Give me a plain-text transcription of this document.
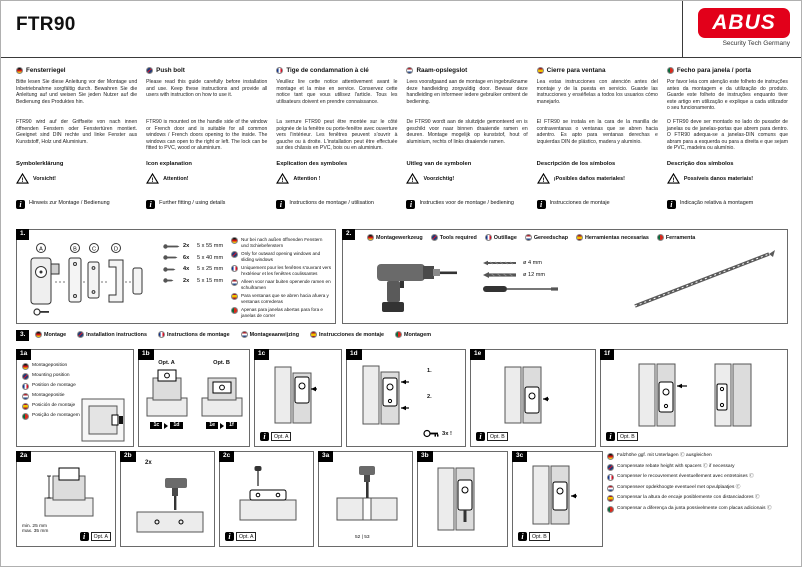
FTR90	ABUS
Security Tech Germany
Fensterriegel
Bitte lesen Sie diese Anleitung vor der Montage und Inbetriebnahme sorgfältig durch. Bewahren Sie die Anleitung auf und weisen Sie jeden Nutzer auf die Bedienung des Produktes hin.
FTR90 wird auf der Griffseite von nach innen öffnenden Fenstern oder Fenstertüren montiert. Geeignet sind DIN rechte und linke Fenster aus Kunststoff, Holz und Aluminium.
Symbolerklärung
! Vorsicht!
i	Hinweis zur Montage / Bedienung
Push bolt
Please read this guide carefully before installation and use. Keep these instructions and provide all users with instruction on how to use it.
FTR90 is mounted on the handle side of the window or French door and is suitable for all common windows / French doors opening to the inside. The windows can open to the right or left. The lock can be fitted to PVC, wood or aluminium.
Icon explanation
! Attention!
i	Further fitting / using details
Tige de condamnation à clé
Veuillez lire cette notice attentivement avant le montage et la mise en service. Conservez cette notice tant que vous utilisez l'article. Tous les utilisateurs doivent en prendre connaissance.
La serrure FTR90 peut être montée sur le côté poignée de la fenêtre ou porte-fenêtre avec ouverture vers l'intérieur. Les fenêtres peuvent s'ouvrir à gauche ou à droite. L'installation peut être effectuée sur des châssis en PVC, bois ou en aluminium.
Explication des symboles
! Attention !
i	Instructions de montage / utilisation
Raam-opslegslot
Lees voorafgaand aan de montage en ingebruikname deze handleiding zorgvuldig door. Bewaar deze handleiding en informeer iedere gebruiker omtrent de bediening.
De FTR90 wordt aan de sluitzijde gemonteerd en is geschikt voor naar binnen draaiende ramen en deuren. Montage mogelijk op kunststof, hout of aluminium, rechts of links draaiende ramen.
Uitleg van de symbolen
! Voorzichtig!
i	Instructies voor de montage / bediening
Cierre para ventana
Lea estas instrucciones con atención antes del montaje y de la puesta en servicio. Guarde las instrucciones y enséñelas a todos los usuarios cómo manejarlo.
El FTR90 se instala en la cara de la manilla de contraventanas o ventanas que se abren hacia adentro. Es apto para ventanas derechas e izquierdas DIN de plástico, madera y aluminio.
Descripción de los símbolos
! ¡Posibles daños materiales!
i	Instrucciones de montaje
Fecho para janela / porta
Por favor leia com atenção este folheto de instruções antes da montagem e da utilização do produto. Guarde este folheto de instruções enquanto tiver este artigo em utilização e explique a cada utilizador o seu funcionamento.
O FTR90 deve ser montado no lado do puxador de janelas ou de janelas-portas que abrem para dentro. O FTR90 adequa-se a janelas-DIN comuns que abram para a esquerda ou para a direita e que sejam de PVC, madeira ou alumínio.
Descrição dos símbolos
! Possíveis danos materiais!
i	Indicação relativa à montagem
1.
A	B	C	D
2x	5 x 55 mm
6x	5 x 40 mm
4x	5 x 25 mm
2x	5 x 15 mm
Nur bei nach außen öffnenden Fenstern und Schiebefenstern
Only for outward opening windows and sliding windows
Uniquement pour les fenêtres s'ouvrant vers l'extérieur et les fenêtres coulissantes
Alleen voor naar buiten openende ramen en schuiframen
Para ventanas que se abren hacia afuera y ventanas correderas
Apenas para janelas abertas para fora e janelas de correr
2.
Montagewerkzeug	Tools required	Outillage	Gereedschap	Herramientas necesarias	Ferramenta
ø 4 mm
ø 12 mm
3.	Montage	Installation instructions	Instructions de montage	Montageaanwijzing	Instrucciones de montaje	Montagem
1a
Montageposition
Mounting position
Position de montage
Montagepositie
Posición de montaje
Posição de montagem
1b
Opt. A
1c	1d
Opt. B
1e	1f
1c
i	Opt. A
1d
1.
2.
3x !
1e
i	Opt. B
1f
i	Opt. B
2a
min. 25 mm
max. 35 mm
i	Opt. A
2b
2x
2c
i	Opt. A
3a
52 | 53
3b	3c
i	Opt. B
Falzhöhe ggf. mit Unterlagen Ⓒ ausgleichen
Compensate rebate height with spacers Ⓒ if necessary
Compenser le recouvrement éventuellement avec entretoises Ⓒ
Compenseer opdekhoogte eventueel met opvulplaatjes Ⓒ
Compensar la altura de encaje posiblemente con distanciadores Ⓒ
Compensar a diferença da junta possivelmente com placas adicionais Ⓒ
